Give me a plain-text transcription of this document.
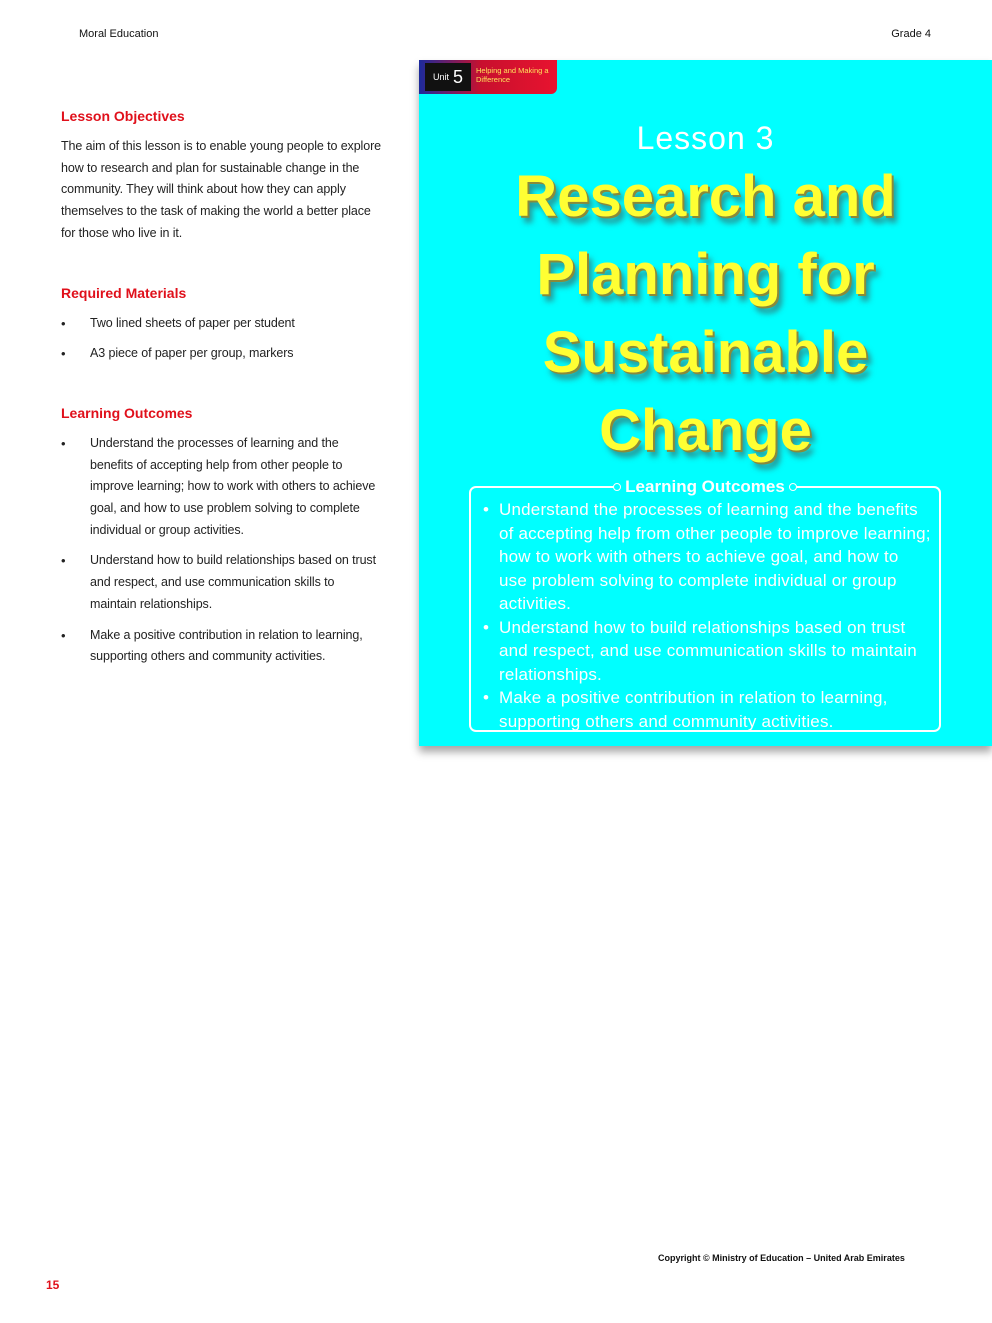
Moral Education	Grade 4
Lesson Objectives

The aim of this lesson is to enable young people to explore how to research and plan for sustainable change in the community. They will think about how they can apply themselves to the task of making the world a better place for those who live in it.

Required Materials
• Two lined sheets of paper per student
• A3 piece of paper per group, markers
Learning Outcomes
• Understand the processes of learning and the benefits of accepting help from other people to improve learning; how to work with others to achieve goal, and how to use problem solving to complete individual or group activities.
• Understand how to build relationships based on trust and respect, and use communication skills to maintain relationships.
• Make a positive contribution in relation to learning, supporting others and community activities.
Unit 5 Helping and Making a Difference
Lesson 3
Research and
Planning for
Sustainable
Change
Learning Outcomes
• Understand the processes of learning and the benefits of accepting help from other people to improve learning; how to work with others to achieve goal, and how to use problem solving to complete individual or group activities.
• Understand how to build relationships based on trust and respect, and use communication skills to maintain relationships.
• Make a positive contribution in relation to learning, supporting others and community activities.
Copyright © Ministry of Education – United Arab Emirates
15
